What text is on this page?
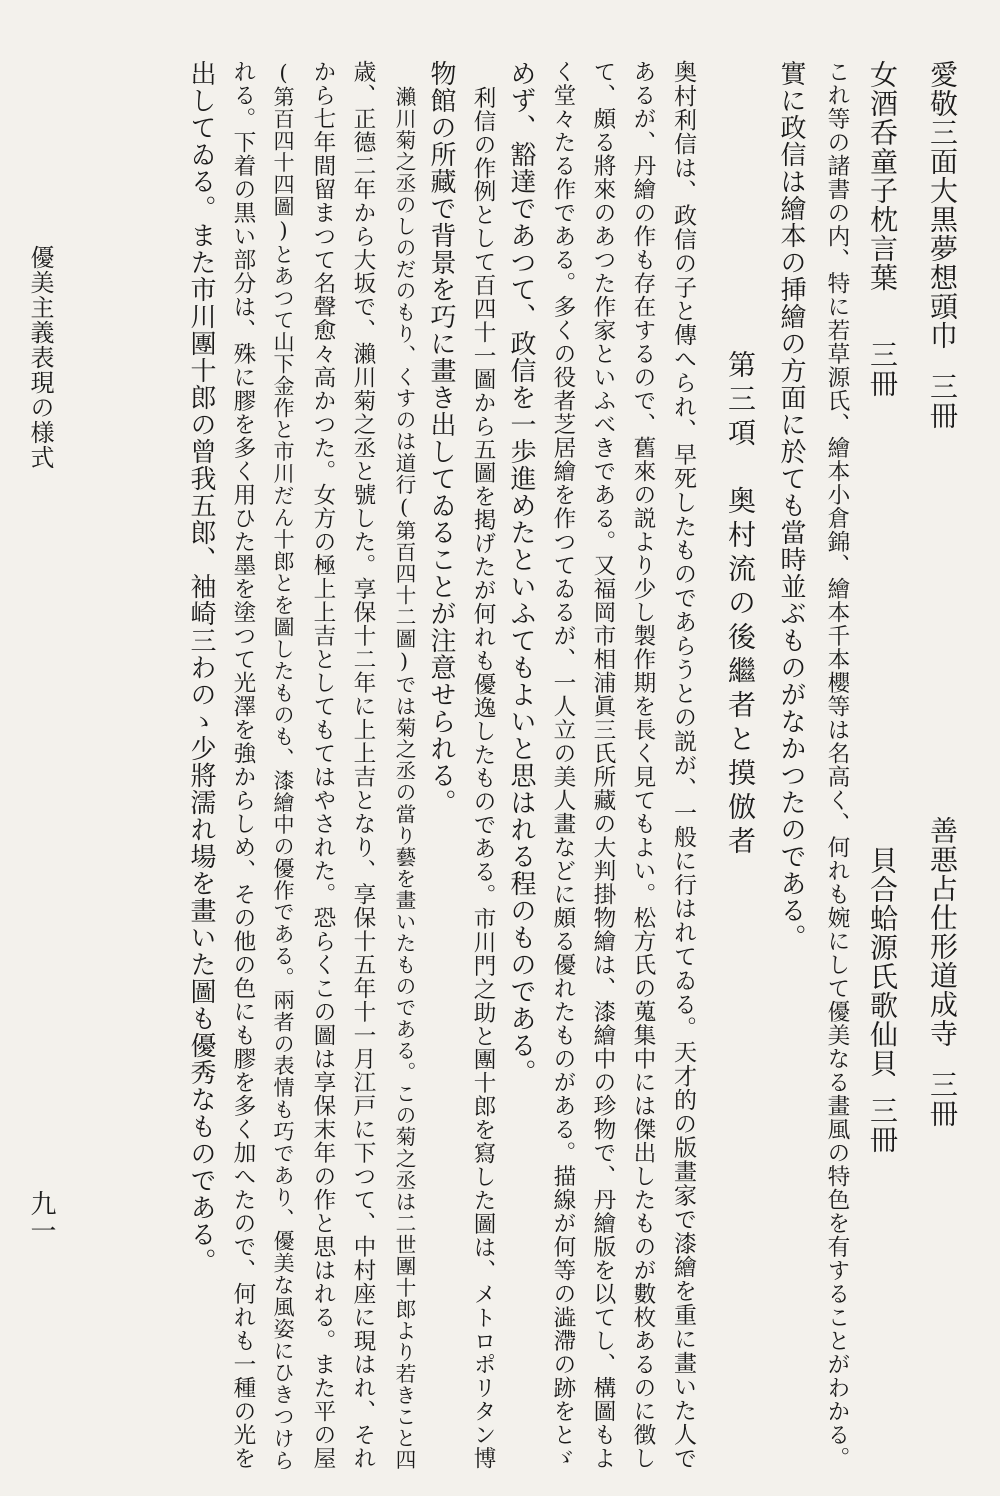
愛敬三面大黒夢想頭巾三冊
女酒呑童子枕言葉三冊
善悪占仕形道成寺三冊
貝合蛤源氏歌仙貝三冊
これ等の諸書の内、特に若草源氏、繪本小倉錦、繪本千本櫻等は名高く、何れも婉にして優美なる畫風の特色を有することがわかる。
實に政信は繪本の挿繪の方面に於ても當時並ぶものがなかつたのである。
第三項　奥村流の後繼者と摸倣者
奥村利信は、政信の子と傳へられ、早死したものであらうとの説が、一般に行はれてゐる。天才的の版畫家で漆繪を重に畫いた人で
あるが、丹繪の作も存在するので、舊來の説より少し製作期を長く見てもよい。松方氏の蒐集中には傑出したものが數枚あるのに徴し
て、頗る將來のあつた作家といふべきである。又福岡市相浦眞三氏所藏の大判掛物繪は、漆繪中の珍物で、丹繪版を以てし、構圖もよ
く堂々たる作である。多くの役者芝居繪を作つてゐるが、一人立の美人畫などに頗る優れたものがある。描線が何等の澁滯の跡をとゞ
めず、豁達であつて、政信を一歩進めたといふてもよいと思はれる程のものである。
利信の作例として百四十一圖から五圖を掲げたが何れも優逸したものである。市川門之助と團十郎を寫した圖は、メトロポリタン博
物館の所藏で背景を巧に畫き出してゐることが注意せられる。
瀨川菊之丞のしのだのもり、くすのは道行(第百四十二圖)では菊之丞の當り藝を畫いたものである。この菊之丞は二世團十郎より若きこと四
歳、正德二年から大坂で、瀨川菊之丞と號した。享保十二年に上上吉となり、享保十五年十一月江戸に下つて、中村座に現はれ、それ
から七年間留まつて名聲愈々高かつた。女方の極上上吉としてもてはやされた。恐らくこの圖は享保末年の作と思はれる。また平の屋
(第百四十四圖)とあつて山下金作と市川だん十郎とを圖したものも、漆繪中の優作である。兩者の表情も巧であり、優美な風姿にひきつけら
れる。下着の黒い部分は、殊に膠を多く用ひた墨を塗つて光澤を強からしめ、その他の色にも膠を多く加へたので、何れも一種の光を
出してゐる。また市川團十郎の曾我五郎、袖崎三わのゝ少將濡れ場を畫いた圖も優秀なものである。
優美主義表現の様式
九一
